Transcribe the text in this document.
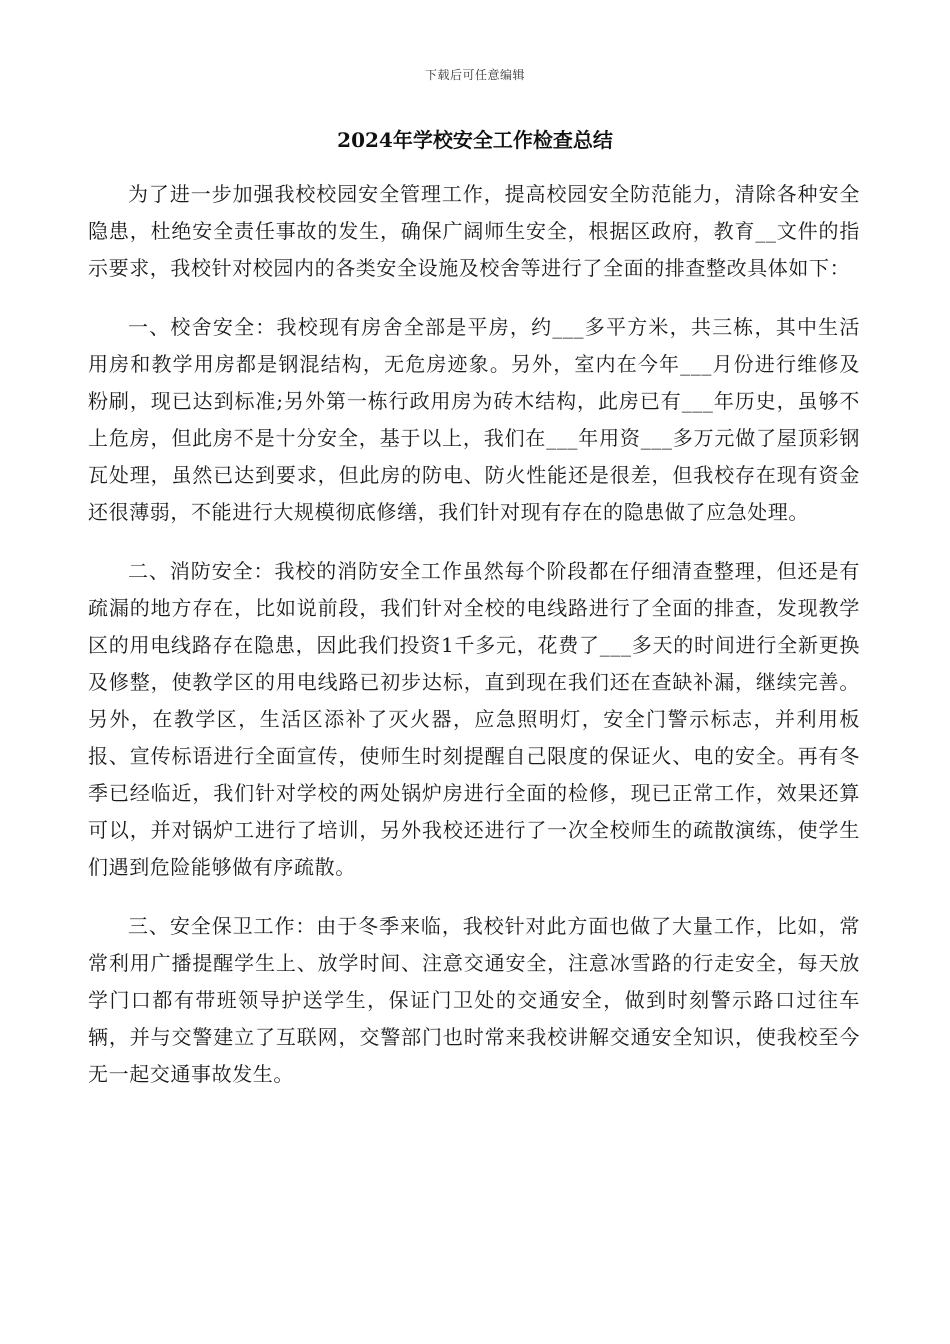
下载后可任意编辑
2024年学校安全工作检查总结

为了进一步加强我校校园安全管理工作，提高校园安全防范能力，清除各种安全隐患，杜绝安全责任事故的发生，确保广阔师生安全，根据区政府，教育__文件的指示要求，我校针对校园内的各类安全设施及校舍等进行了全面的排查整改具体如下：

一、校舍安全：我校现有房舍全部是平房，约___多平方米，共三栋，其中生活用房和教学用房都是钢混结构，无危房迹象。另外，室内在今年___月份进行维修及粉刷，现已达到标准;另外第一栋行政用房为砖木结构，此房已有___年历史，虽够不上危房，但此房不是十分安全，基于以上，我们在___年用资___多万元做了屋顶彩钢瓦处理，虽然已达到要求，但此房的防电、防火性能还是很差，但我校存在现有资金还很薄弱，不能进行大规模彻底修缮，我们针对现有存在的隐患做了应急处理。

二、消防安全：我校的消防安全工作虽然每个阶段都在仔细清查整理，但还是有疏漏的地方存在，比如说前段，我们针对全校的电线路进行了全面的排查，发现教学区的用电线路存在隐患，因此我们投资1千多元，花费了___多天的时间进行全新更换及修整，使教学区的用电线路已初步达标，直到现在我们还在查缺补漏，继续完善。另外，在教学区，生活区添补了灭火器，应急照明灯，安全门警示标志，并利用板报、宣传标语进行全面宣传，使师生时刻提醒自己限度的保证火、电的安全。再有冬季已经临近，我们针对学校的两处锅炉房进行全面的检修，现已正常工作，效果还算可以，并对锅炉工进行了培训，另外我校还进行了一次全校师生的疏散演练，使学生们遇到危险能够做有序疏散。

三、安全保卫工作：由于冬季来临，我校针对此方面也做了大量工作，比如，常常利用广播提醒学生上、放学时间、注意交通安全，注意冰雪路的行走安全，每天放学门口都有带班领导护送学生，保证门卫处的交通安全，做到时刻警示路口过往车辆，并与交警建立了互联网，交警部门也时常来我校讲解交通安全知识，使我校至今无一起交通事故发生。
